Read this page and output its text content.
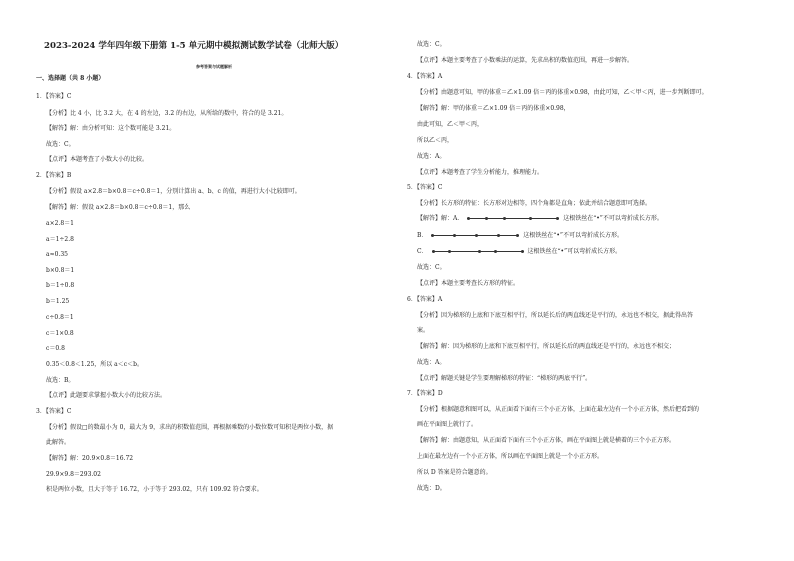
2023-2024 学年四年级下册第 1-5 单元期中模拟测试数学试卷（北师大版）
参考答案与试题解析
一、选择题（共 8 小题）
1．【答案】C
【分析】比 4 小，比 3.2 大，在 4 的左边，3.2 的右边，从所给的数中，符合的是 3.21。
【解答】解：由分析可知：这个数可能是 3.21。
故选：C。
【点评】本题考查了小数大小的比较。
2．【答案】B
【分析】假设 a×2.8＝b×0.8＝c÷0.8＝1，分别计算出 a、b、c 的值，再进行大小比较即可。
【解答】解：假设 a×2.8＝b×0.8＝c÷0.8＝1，那么
a×2.8＝1
a＝1÷2.8
a≈0.35
b×0.8＝1
b＝1÷0.8
b＝1.25
c÷0.8＝1
c＝1×0.8
c＝0.8
0.35＜0.8＜1.25，所以 a＜c＜b。
故选：B。
【点评】此题要求掌握小数大小的比较方法。
3．【答案】C
【分析】假设□的数最小为 0，最大为 9，求出的积数值范围，再根据乘数的小数位数可知积是两位小数，据
此解答。
【解答】解：20.9×0.8＝16.72
29.9×9.8＝293.02
积是两位小数，且大于等于 16.72，小于等于 293.02，只有 109.92 符合要求。
故选：C。
【点评】本题主要考查了小数乘法的运算，先求出积的数值范围，再进一步解答。
4．【答案】A
【分析】由题意可知，甲的体重＝乙×1.09 倍＝丙的体重×0.98，由此可知，乙＜甲＜丙，进一步判断即可。
【解答】解：甲的体重＝乙×1.09 倍＝丙的体重×0.98，
由此可知，乙＜甲＜丙，
所以乙＜丙，
故选：A。
【点评】本题考查了学生分析能力，推理能力。
5．【答案】C
【分析】长方形的特征：长方形对边相等，四个角都是直角；依此并结合题意即可选择。
【解答】解：A．	这根铁丝在“•”不可以弯折成长方形。
B．	这根铁丝在“•”不可以弯折成长方形。
C．	这根铁丝在“•”可以弯折成长方形。
故选：C。
【点评】本题主要考查长方形的特征。
6．【答案】A
【分析】因为梯形的上底和下底互相平行，所以延长后的两直线还是平行的，永远也不相交，据此得出答
案。
【解答】解：因为梯形的上底和下底互相平行，所以延长后的两直线还是平行的，永远也不相交；
故选：A。
【点评】解题关键是学生要理解梯形的特征：“梯形的两底平行”。
7．【答案】D
【分析】根据题意和图可以，从正面看下面有三个小正方体，上面在最左边有一个小正方体，然后把看到的
画在平面图上就行了。
【解答】解：由题意知，从正面看下面有三个小正方体，画在平面图上就是横着的三个小正方形。
上面在最左边有一个小正方体，所以画在平面图上就是一个小正方形。
所以 D 答案是符合题意的。
故选：D。
